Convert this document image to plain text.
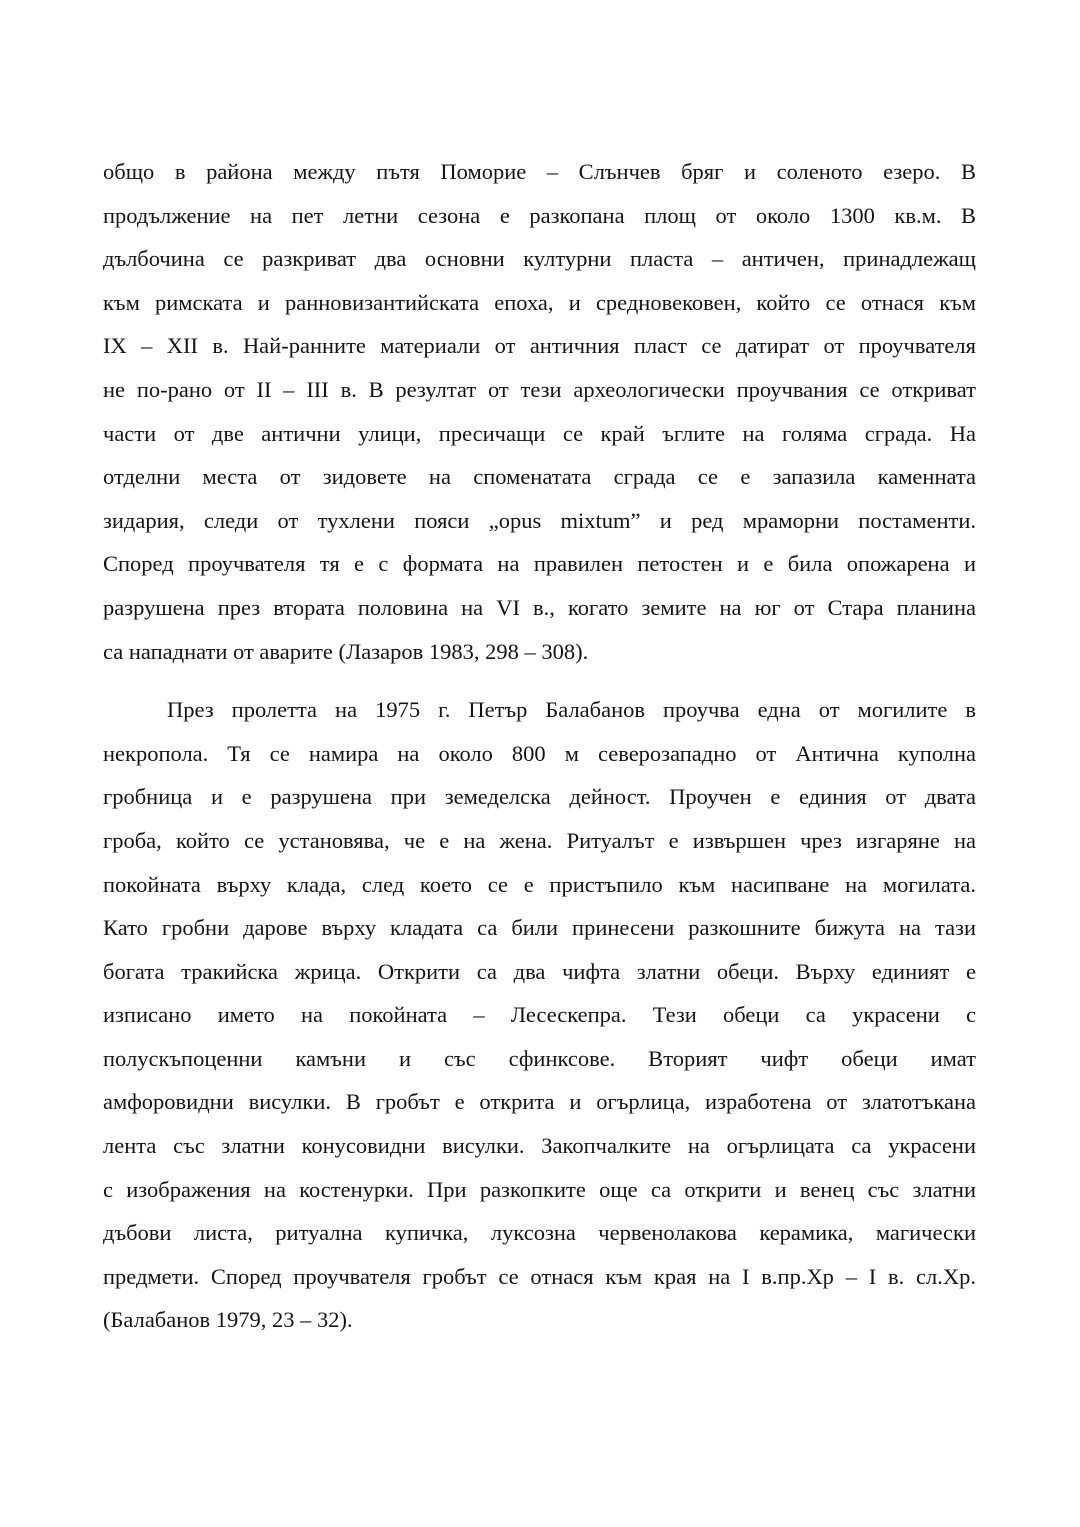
общо в района между пътя Поморие – Слънчев бряг и соленото езеро. В
продължение на пет летни сезона е разкопана площ от около 1300 кв.м. В
дълбочина се разкриват два основни културни пласта – античен, принадлежащ
към римската и ранновизантийската епоха, и средновековен, който се отнася към
IX – XII в. Най-ранните материали от античния пласт се датират от проучвателя
не по-рано от II – III в. В резултат от тези археологически проучвания се откриват
части от две антични улици, пресичащи се край ъглите на голяма сграда. На
отделни места от зидовете на споменатата сграда се е запазила каменната
зидария, следи от тухлени пояси „opus mixtum” и ред мраморни постаменти.
Според проучвателя тя е с формата на правилен петостен и е била опожарена и
разрушена през втората половина на VI в., когато земите на юг от Стара планина
са нападнати от аварите (Лазаров 1983, 298 – 308).

През пролетта на 1975 г. Петър Балабанов проучва една от могилите в
некропола. Тя се намира на около 800 м северозападно от Антична куполна
гробница и е разрушена при земеделска дейност. Проучен е единия от двата
гроба, който се установява, че е на жена. Ритуалът е извършен чрез изгаряне на
покойната върху клада, след което се е пристъпило към насипване на могилата.
Като гробни дарове върху кладата са били принесени разкошните бижута на тази
богата тракийска жрица. Открити са два чифта златни обеци. Върху единият е
изписано името на покойната – Лесескепра. Тези обеци са украсени с
полускъпоценни камъни и със сфинксове. Вторият чифт обеци имат
амфоровидни висулки. В гробът е открита и огърлица, изработена от златотъкана
лента със златни конусовидни висулки. Закопчалките на огърлицата са украсени
с изображения на костенурки. При разкопките още са открити и венец със златни
дъбови листа, ритуална купичка, луксозна червенолакова керамика, магически
предмети. Според проучвателя гробът се отнася към края на I в.пр.Хр – I в. сл.Хр.
(Балабанов 1979, 23 – 32).
